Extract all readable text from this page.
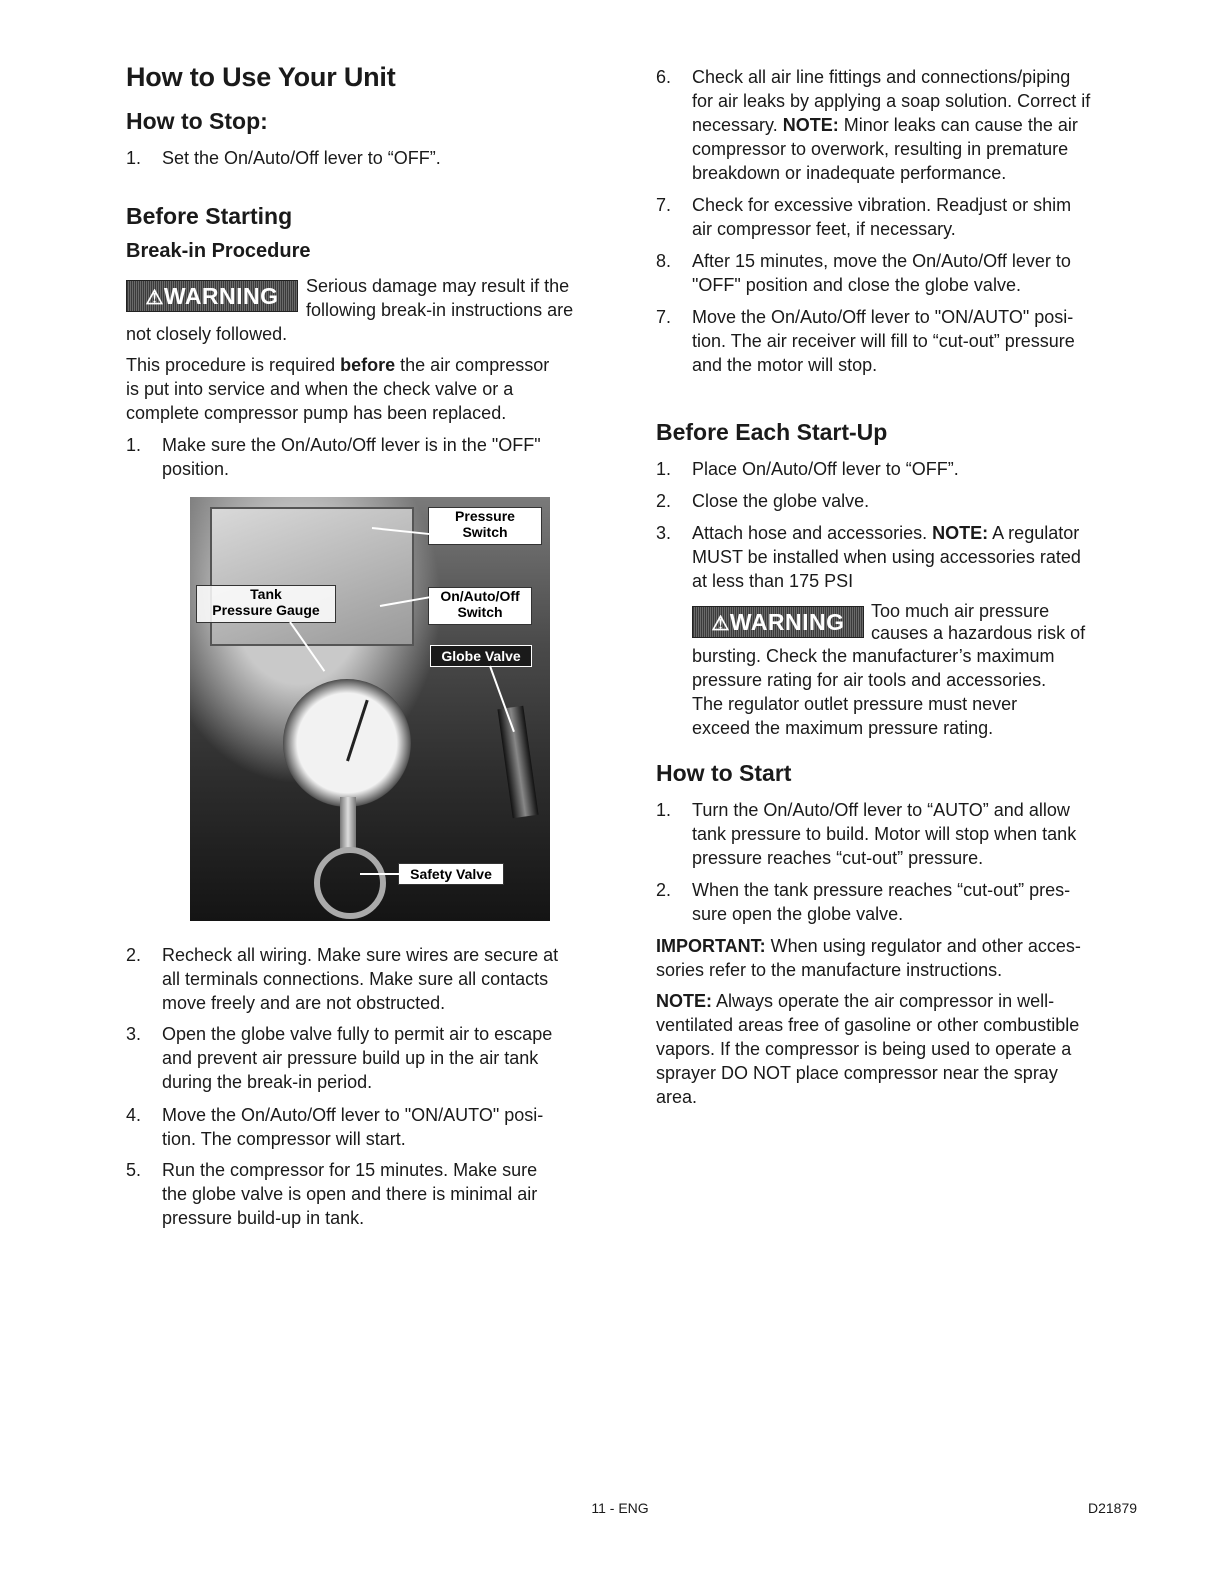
How to Use Your Unit
How to Stop:
1. Set the On/Auto/Off lever to “OFF”.
Before Starting
Break-in Procedure
⚠WARNING	Serious damage may result if the
following break-in instructions are
not closely followed.
This procedure is required before the air compressor
is put into service and when the check valve or a
complete compressor pump has been replaced.
1. Make sure the On/Auto/Off lever is in the "OFF"
position.
Pressure
Switch
Tank
Pressure Gauge
On/Auto/Off
Switch
Globe Valve
Safety Valve
2. Recheck all wiring. Make sure wires are secure at
all terminals connections. Make sure all contacts
move freely and are not obstructed.
3. Open the globe valve fully to permit air to escape
and prevent air pressure build up in the air tank
during the break-in period.
4. Move the On/Auto/Off lever to "ON/AUTO" posi-
tion. The compressor will start.
5. Run the compressor for 15 minutes. Make sure
the globe valve is open and there is minimal air
pressure build-up in tank.
6. Check all air line fittings and connections/piping
for air leaks by applying a soap solution. Correct if
necessary. NOTE: Minor leaks can cause the air
compressor to overwork, resulting in premature
breakdown or inadequate performance.
7. Check for excessive vibration. Readjust or shim
air compressor feet, if necessary.
8. After 15 minutes, move the On/Auto/Off lever to
"OFF" position and close the globe valve.
7. Move the On/Auto/Off lever to "ON/AUTO" posi-
tion. The air receiver will fill to “cut-out” pressure
and the motor will stop.
Before Each Start-Up
1. Place On/Auto/Off lever to “OFF”.
2. Close the globe valve.
3. Attach hose and accessories. NOTE: A regulator
MUST be installed when using accessories rated
at less than 175 PSI
⚠WARNING	Too much air pressure
causes a hazardous risk of
bursting. Check the manufacturer’s maximum
pressure rating for air tools and accessories.
The regulator outlet pressure must never
exceed the maximum pressure rating.
How to Start
1. Turn the On/Auto/Off lever to “AUTO” and allow
tank pressure to build. Motor will stop when tank
pressure reaches “cut-out” pressure.
2. When the tank pressure reaches “cut-out” pres-
sure open the globe valve.
IMPORTANT: When using regulator and other acces-
sories refer to the manufacture instructions.
NOTE: Always operate the air compressor in well-
ventilated areas free of gasoline or other combustible
vapors. If the compressor is being used to operate a
sprayer DO NOT place compressor near the spray
area.
11 - ENG	D21879
